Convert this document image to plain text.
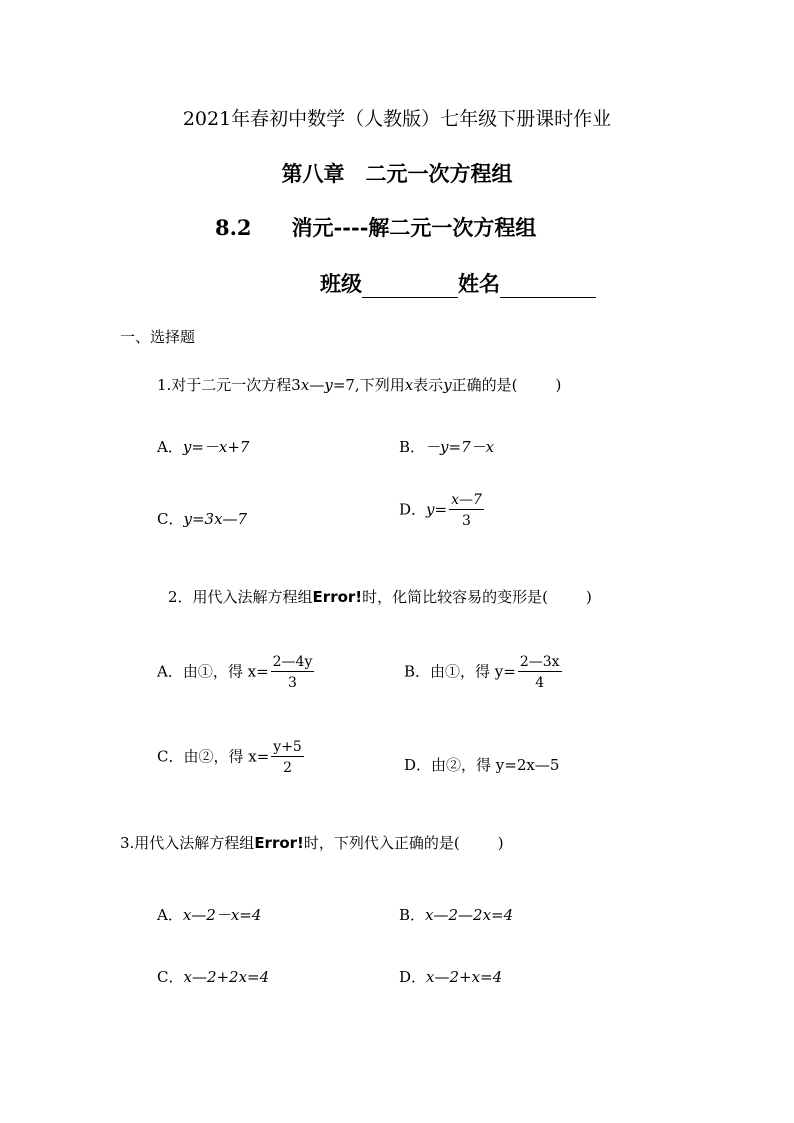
2021年春初中数学（人教版）七年级下册课时作业
第八章　二元一次方程组
8.2 消元----解二元一次方程组
班级	姓名
一、选择题
1.对于二元一次方程3x—y=7,下列用x表示y正确的是(	)
A．y=－x+7	B．－y=7－x
C．y=3x—7
D．$y= \frac{x—7}{3}$
2．用代入法解方程组Error!时，化简比较容易的变形是(	)
A．由①，得 $x= \frac{2—4y}{3}$	B．由①，得 $y= \frac{2—3x}{4}$
C．由②，得 $x= \frac{y+5}{2}$	D．由②，得 y=2x—5
3.用代入法解方程组Error!时，下列代入正确的是(	)
A．x—2－x=4	B．x—2—2x=4
C．x—2+2x=4	D．x—2+x=4
